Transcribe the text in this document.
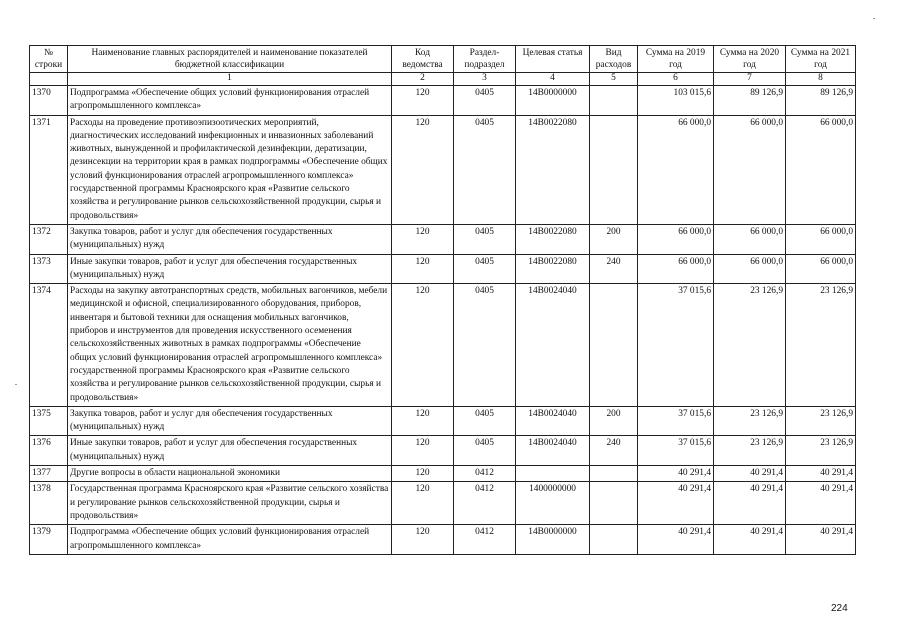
№ строки	Наименование главных распорядителей и наименование показателей бюджетной классификации	Код ведомства	Раздел-подраздел	Целевая статья	Вид расходов	Сумма на 2019 год	Сумма на 2020 год	Сумма на 2021 год
	1	2	3	4	5	6	7	8
1370	Подпрограмма «Обеспечение общих условий функционирования отраслей агропромышленного комплекса»	120	0405	14В0000000		103 015,6	89 126,9	89 126,9
1371	Расходы на проведение противоэпизоотических мероприятий, диагностических исследований инфекционных и инвазионных заболеваний животных, вынужденной и профилактической дезинфекции, дератизации, дезинсекции на территории края в рамках подпрограммы «Обеспечение общих условий функционирования отраслей агропромышленного комплекса» государственной программы Красноярского края «Развитие сельского хозяйства и регулирование рынков сельскохозяйственной продукции, сырья и продовольствия»	120	0405	14В0022080		66 000,0	66 000,0	66 000,0
1372	Закупка товаров, работ и услуг для обеспечения государственных (муниципальных) нужд	120	0405	14В0022080	200	66 000,0	66 000,0	66 000,0
1373	Иные закупки товаров, работ и услуг для обеспечения государственных (муниципальных) нужд	120	0405	14В0022080	240	66 000,0	66 000,0	66 000,0
1374	Расходы на закупку автотранспортных средств, мобильных вагончиков, мебели медицинской и офисной, специализированного оборудования, приборов, инвентаря и бытовой техники для оснащения мобильных вагончиков, приборов и инструментов для проведения искусственного осеменения сельскохозяйственных животных в рамках подпрограммы «Обеспечение общих условий функционирования отраслей агропромышленного комплекса» государственной программы Красноярского края «Развитие сельского хозяйства и регулирование рынков сельскохозяйственной продукции, сырья и продовольствия»	120	0405	14В0024040		37 015,6	23 126,9	23 126,9
1375	Закупка товаров, работ и услуг для обеспечения государственных (муниципальных) нужд	120	0405	14В0024040	200	37 015,6	23 126,9	23 126,9
1376	Иные закупки товаров, работ и услуг для обеспечения государственных (муниципальных) нужд	120	0405	14В0024040	240	37 015,6	23 126,9	23 126,9
1377	Другие вопросы в области национальной экономики	120	0412			40 291,4	40 291,4	40 291,4
1378	Государственная программа Красноярского края «Развитие сельского хозяйства и регулирование рынков сельскохозяйственной продукции, сырья и продовольствия»	120	0412	1400000000		40 291,4	40 291,4	40 291,4
1379	Подпрограмма «Обеспечение общих условий функционирования отраслей агропромышленного комплекса»	120	0412	14В0000000		40 291,4	40 291,4	40 291,4
224
